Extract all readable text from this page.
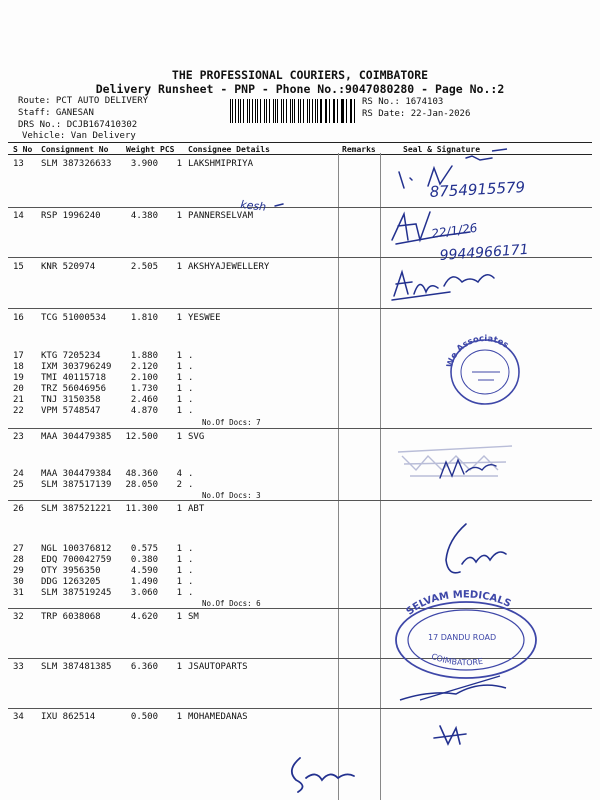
THE PROFESSIONAL COURIERS, COIMBATORE
Delivery Runsheet - PNP - Phone No.:9047080280 - Page No.:2
Route: PCT AUTO DELIVERY
Staff: GANESAN
DRS No.: DCJB167410302
Vehicle: Van Delivery
RS No.: 1674103
RS Date: 22-Jan-2026
S No Consignment No Weight PCS Consignee Details	Remarks	Seal & Signature
13 SLM 387326633	3.900	1 LAKSHMIPRIYA
14 RSP 1996240	4.380	1 PANNERSELVAM
15 KNR 520974	2.505	1 AKSHYAJEWELLERY
16 TCG 51000534	1.810	1 YESWEE
17 KTG 7205234	1.880	1 .
18 IXM 303796249	2.120	1 .
19 TMI 40115718	2.100	1 .
20 TRZ 56046956	1.730	1 .
21 TNJ 3150358	2.460	1 .
22 VPM 5748547	4.870	1 .
No.Of Docs: 7
23 MAA 304479385	12.500	1 SVG
24 MAA 304479384	48.360	4 .
25 SLM 387517139	28.050	2 .
No.Of Docs: 3
26 SLM 387521221	11.300	1 ABT
27 NGL 100376812	0.575	1 .
28 EDQ 700042759	0.380	1 .
29 OTY 3956350	4.590	1 .
30 DDG 1263205	1.490	1 .
31 SLM 387519245	3.060	1 .
No.Of Docs: 6
32 TRP 6038068	4.620	1 SM
33 SLM 387481385	6.360	1 JSAUTOPARTS
34 IXU 862514	0.500	1 MOHAMEDANAS
8754915579
kesh
22/1/26
9944966171
We Associates
SELVAM MEDICALS
17 DANDU ROAD
COIMBATORE
